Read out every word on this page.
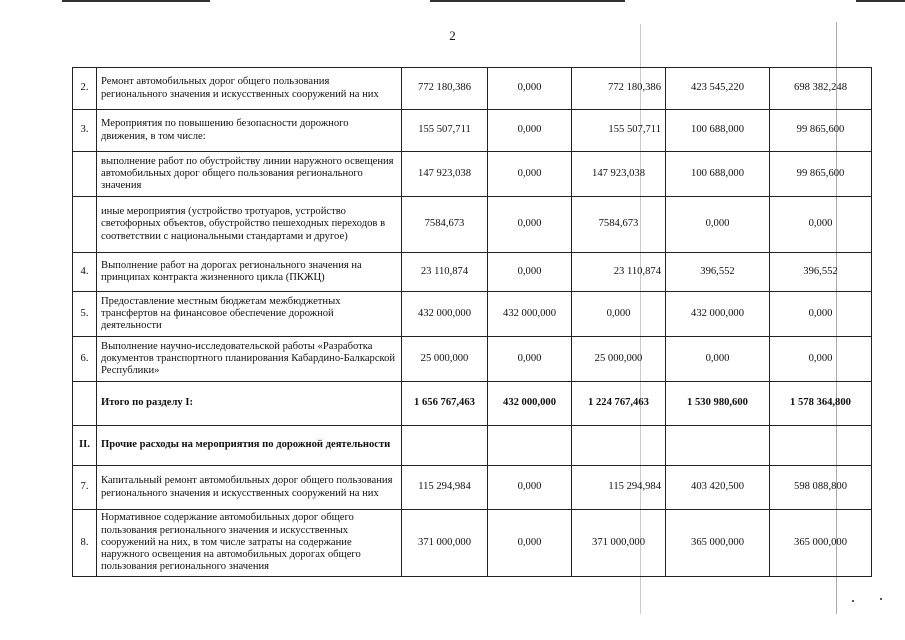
2
2.	Ремонт автомобильных дорог общего пользования регионального значения и искусственных сооружений на них	772 180,386	0,000	772 180,386	423 545,220	698 382,248
3.	Мероприятия по повышению безопасности дорожного движения, в том числе:	155 507,711	0,000	155 507,711	100 688,000	99 865,600
	выполнение работ по обустройству линии наружного освещения автомобильных дорог общего пользования регионального значения	147 923,038	0,000	147 923,038	100 688,000	99 865,600
	иные мероприятия (устройство тротуаров, устройство светофорных объектов, обустройство пешеходных переходов в соответствии с национальными стандартами и другое)	7584,673	0,000	7584,673	0,000	0,000
4.	Выполнение работ на дорогах регионального значения на принципах контракта жизненного цикла (ПКЖЦ)	23 110,874	0,000	23 110,874	396,552	396,552
5.	Предоставление местным бюджетам межбюджетных трансфертов на финансовое обеспечение дорожной деятельности	432 000,000	432 000,000	0,000	432 000,000	0,000
6.	Выполнение научно-исследовательской работы «Разработка документов транспортного планирования Кабардино-Балкарской Республики»	25 000,000	0,000	25 000,000	0,000	0,000
	Итого по разделу I:	1 656 767,463	432 000,000	1 224 767,463	1 530 980,600	1 578 364,800
II.	Прочие расходы на мероприятия по дорожной деятельности					
7.	Капитальный ремонт автомобильных дорог общего пользования регионального значения и искусственных сооружений на них	115 294,984	0,000	115 294,984	403 420,500	598 088,800
8.	Нормативное содержание автомобильных дорог общего пользования регионального значения и искусственных сооружений на них, в том числе затраты на содержание наружного освещения на автомобильных дорогах общего пользования регионального значения	371 000,000	0,000	371 000,000	365 000,000	365 000,000
